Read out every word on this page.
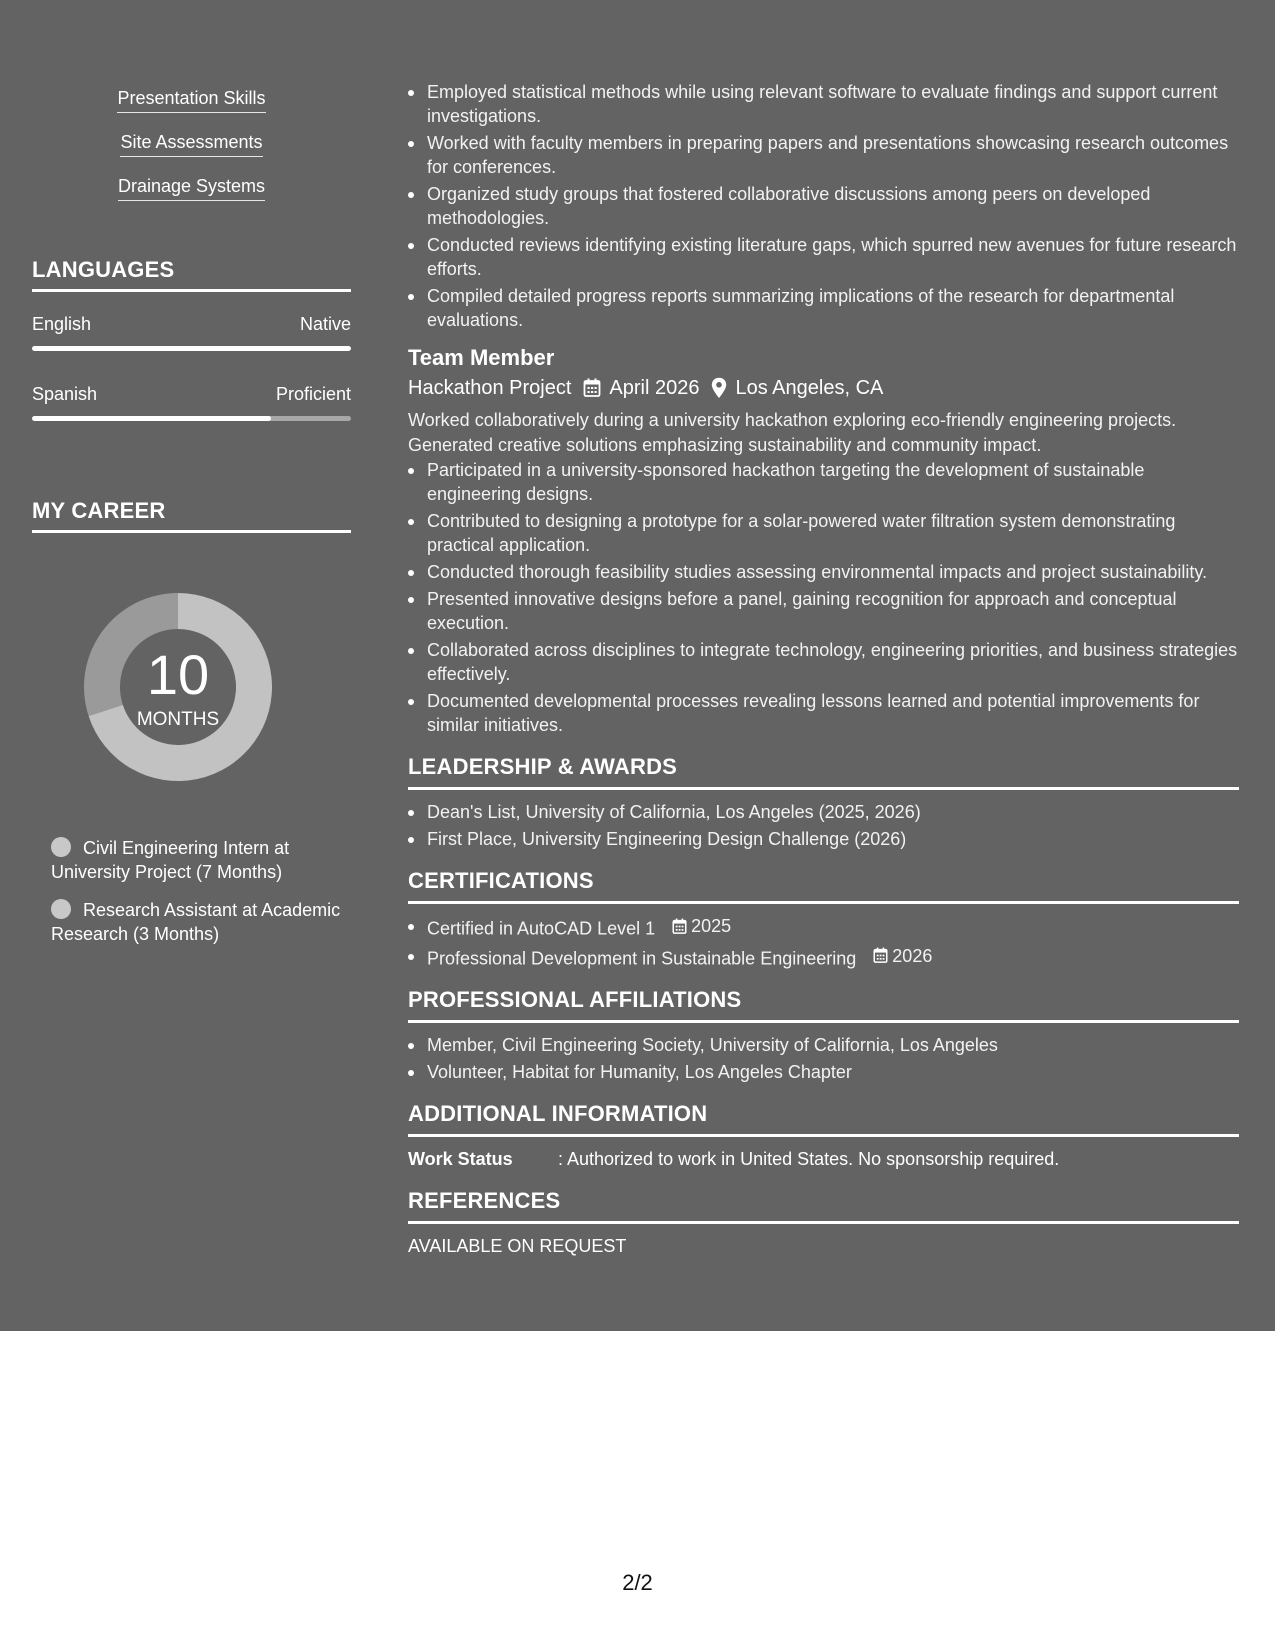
Presentation Skills
Site Assessments
Drainage Systems
LANGUAGES
English	Native
Spanish	Proficient
MY CAREER
10
MONTHS
Civil Engineering Intern at University Project (7 Months)
Research Assistant at Academic Research (3 Months)
Employed statistical methods while using relevant software to evaluate findings and support current investigations.
Worked with faculty members in preparing papers and presentations showcasing research outcomes for conferences.
Organized study groups that fostered collaborative discussions among peers on developed methodologies.
Conducted reviews identifying existing literature gaps, which spurred new avenues for future research efforts.
Compiled detailed progress reports summarizing implications of the research for departmental evaluations.
Team Member
Hackathon Project April 2026 Los Angeles, CA
Worked collaboratively during a university hackathon exploring eco-friendly engineering projects. Generated creative solutions emphasizing sustainability and community impact.
Participated in a university-sponsored hackathon targeting the development of sustainable engineering designs.
Contributed to designing a prototype for a solar-powered water filtration system demonstrating practical application.
Conducted thorough feasibility studies assessing environmental impacts and project sustainability.
Presented innovative designs before a panel, gaining recognition for approach and conceptual execution.
Collaborated across disciplines to integrate technology, engineering priorities, and business strategies effectively.
Documented developmental processes revealing lessons learned and potential improvements for similar initiatives.
LEADERSHIP & AWARDS
Dean's List, University of California, Los Angeles (2025, 2026)
First Place, University Engineering Design Challenge (2026)
CERTIFICATIONS
Certified in AutoCAD Level 1 2025
Professional Development in Sustainable Engineering 2026
PROFESSIONAL AFFILIATIONS
Member, Civil Engineering Society, University of California, Los Angeles
Volunteer, Habitat for Humanity, Los Angeles Chapter
ADDITIONAL INFORMATION
Work Status	: Authorized to work in United States. No sponsorship required.
REFERENCES
AVAILABLE ON REQUEST
2/2
